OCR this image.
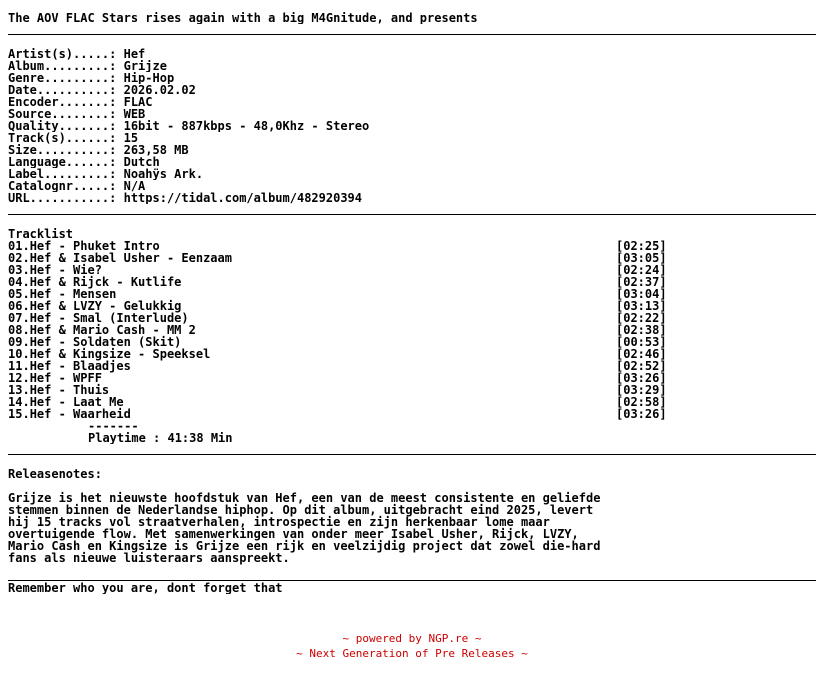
The AOV FLAC Stars rises again with a big M4Gnitude, and presents
Artist(s).....: Hef
Album.........: Grijze
Genre.........: Hip-Hop
Date..........: 2026.02.02
Encoder.......: FLAC
Source........: WEB
Quality.......: 16bit - 887kbps - 48,0Khz - Stereo
Track(s)......: 15
Size..........: 263,58 MB
Language......: Dutch
Label.........: Noahÿs Ark.
Catalognr.....: N/A
URL...........: https://tidal.com/album/482920394
Tracklist
01.Hef - Phuket Intro	[02:25]
02.Hef & Isabel Usher - Eenzaam	[03:05]
03.Hef - Wie?	[02:24]
04.Hef & Rijck - Kutlife	[02:37]
05.Hef - Mensen	[03:04]
06.Hef & LVZY - Gelukkig	[03:13]
07.Hef - Smal (Interlude)	[02:22]
08.Hef & Mario Cash - MM 2	[02:38]
09.Hef - Soldaten (Skit)	[00:53]
10.Hef & Kingsize - Speeksel	[02:46]
11.Hef - Blaadjes	[02:52]
12.Hef - WPFF	[03:26]
13.Hef - Thuis	[03:29]
14.Hef - Laat Me	[02:58]
15.Hef - Waarheid	[03:26]
-------
Playtime : 41:38 Min
Releasenotes:

Grijze is het nieuwste hoofdstuk van Hef, een van de meest consistente en geliefde stemmen binnen de Nederlandse hiphop. Op dit album, uitgebracht eind 2025, levert hij 15 tracks vol straatverhalen, introspectie en zijn herkenbaar lome maar overtuigende flow. Met samenwerkingen van onder meer Isabel Usher, Rijck, LVZY, Mario Cash en Kingsize is Grijze een rijk en veelzijdig project dat zowel die-hard fans als nieuwe luisteraars aanspreekt.

Remember who you are, dont forget that
~ powered by NGP.re ~
~ Next Generation of Pre Releases ~
